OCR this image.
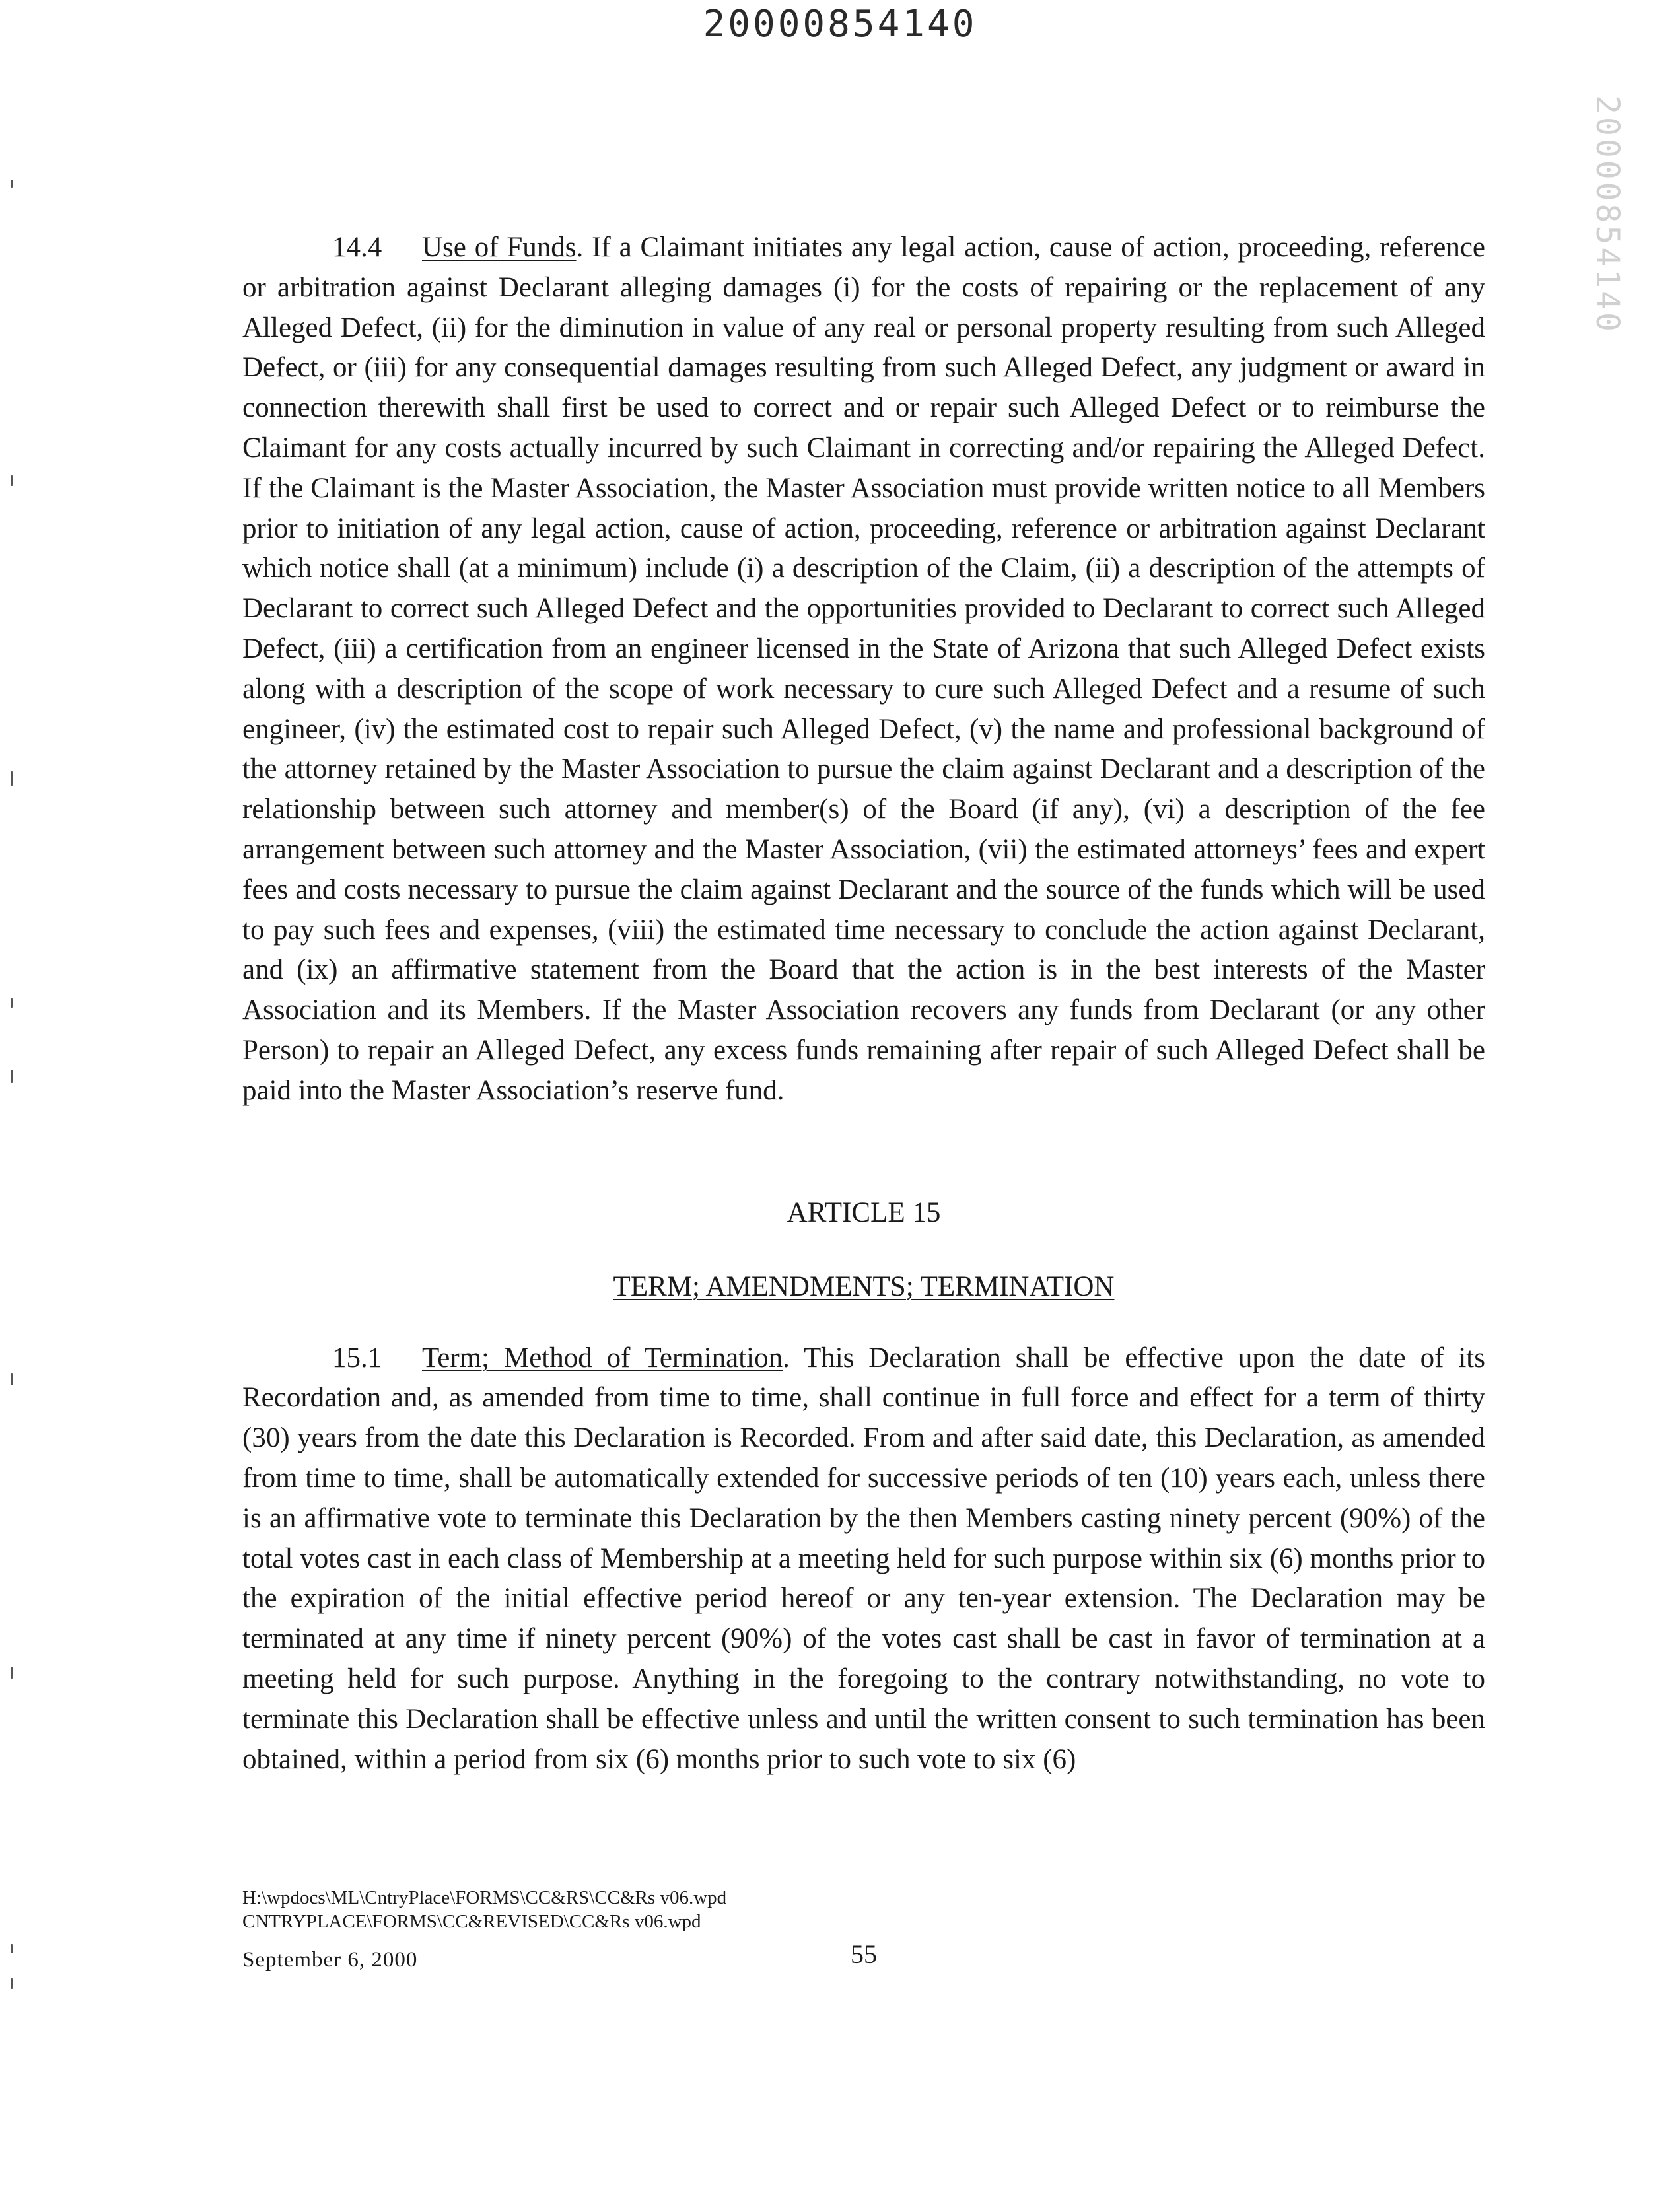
20000854140
20000854140

14.4 Use of Funds. If a Claimant initiates any legal action, cause of action, proceeding, reference or arbitration against Declarant alleging damages (i) for the costs of repairing or the replacement of any Alleged Defect, (ii) for the diminution in value of any real or personal property resulting from such Alleged Defect, or (iii) for any consequential damages resulting from such Alleged Defect, any judgment or award in connection therewith shall first be used to correct and or repair such Alleged Defect or to reimburse the Claimant for any costs actually incurred by such Claimant in correcting and/or repairing the Alleged Defect. If the Claimant is the Master Association, the Master Association must provide written notice to all Members prior to initiation of any legal action, cause of action, proceeding, reference or arbitration against Declarant which notice shall (at a minimum) include (i) a description of the Claim, (ii) a description of the attempts of Declarant to correct such Alleged Defect and the opportunities provided to Declarant to correct such Alleged Defect, (iii) a certification from an engineer licensed in the State of Arizona that such Alleged Defect exists along with a description of the scope of work necessary to cure such Alleged Defect and a resume of such engineer, (iv) the estimated cost to repair such Alleged Defect, (v) the name and professional background of the attorney retained by the Master Association to pursue the claim against Declarant and a description of the relationship between such attorney and member(s) of the Board (if any), (vi) a description of the fee arrangement between such attorney and the Master Association, (vii) the estimated attorneys’ fees and expert fees and costs necessary to pursue the claim against Declarant and the source of the funds which will be used to pay such fees and expenses, (viii) the estimated time necessary to conclude the action against Declarant, and (ix) an affirmative statement from the Board that the action is in the best interests of the Master Association and its Members. If the Master Association recovers any funds from Declarant (or any other Person) to repair an Alleged Defect, any excess funds remaining after repair of such Alleged Defect shall be paid into the Master Association’s reserve fund.

ARTICLE 15

TERM; AMENDMENTS; TERMINATION

15.1 Term; Method of Termination. This Declaration shall be effective upon the date of its Recordation and, as amended from time to time, shall continue in full force and effect for a term of thirty (30) years from the date this Declaration is Recorded. From and after said date, this Declaration, as amended from time to time, shall be automatically extended for successive periods of ten (10) years each, unless there is an affirmative vote to terminate this Declaration by the then Members casting ninety percent (90%) of the total votes cast in each class of Membership at a meeting held for such purpose within six (6) months prior to the expiration of the initial effective period hereof or any ten-year extension. The Declaration may be terminated at any time if ninety percent (90%) of the votes cast shall be cast in favor of termination at a meeting held for such purpose. Anything in the foregoing to the contrary notwithstanding, no vote to terminate this Declaration shall be effective unless and until the written consent to such termination has been obtained, within a period from six (6) months prior to such vote to six (6)

H:\wpdocs\ML\CntryPlace\FORMS\CC&RS\CC&Rs v06.wpd
CNTRYPLACE\FORMS\CC&REVISED\CC&Rs v06.wpd
September 6, 2000	55
